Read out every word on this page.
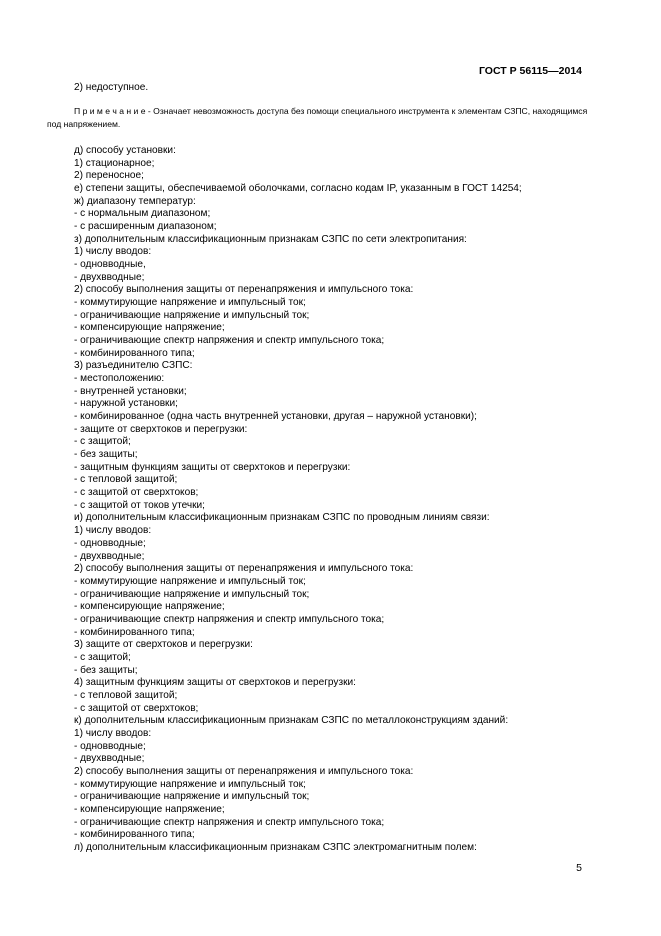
ГОСТ Р 56115—2014
2) недоступное.
П р и м е ч а н и е - Означает невозможность доступа без помощи специального инструмента к элементам СЗПС, находящимся под напряжением.
д) способу установки:
1) стационарное;
2) переносное;
е) степени защиты, обеспечиваемой оболочками, согласно кодам IP, указанным в ГОСТ 14254;
ж) диапазону температур:
- с нормальным диапазоном;
- с расширенным диапазоном;
з) дополнительным классификационным признакам СЗПС по сети электропитания:
1) числу вводов:
- одновводные,
- двухвводные;
2) способу выполнения защиты от перенапряжения и импульсного тока:
- коммутирующие напряжение и импульсный ток;
- ограничивающие напряжение и импульсный ток;
- компенсирующие напряжение;
- ограничивающие спектр напряжения и спектр импульсного тока;
- комбинированного типа;
3) разъединителю СЗПС:
- местоположению:
- внутренней установки;
- наружной установки;
- комбинированное (одна часть внутренней установки, другая – наружной установки);
- защите от сверхтоков и перегрузки:
- с защитой;
- без защиты;
- защитным функциям защиты от сверхтоков и перегрузки:
- с тепловой защитой;
- с защитой от сверхтоков;
- с защитой от токов утечки;
и) дополнительным классификационным признакам СЗПС по проводным линиям связи:
1) числу вводов:
- одновводные;
- двухвводные;
2) способу выполнения защиты от перенапряжения и импульсного тока:
- коммутирующие напряжение и импульсный ток;
- ограничивающие напряжение и импульсный ток;
- компенсирующие напряжение;
- ограничивающие спектр напряжения и спектр импульсного тока;
- комбинированного типа;
3) защите от сверхтоков и перегрузки:
- с защитой;
- без защиты;
4) защитным функциям защиты от сверхтоков и перегрузки:
- с тепловой защитой;
- с защитой от сверхтоков;
к) дополнительным классификационным признакам СЗПС по металлоконструкциям зданий:
1) числу вводов:
- одновводные;
- двухвводные;
2) способу выполнения защиты от перенапряжения и импульсного тока:
- коммутирующие напряжение и импульсный ток;
- ограничивающие напряжение и импульсный ток;
- компенсирующие напряжение;
- ограничивающие спектр напряжения и спектр импульсного тока;
- комбинированного типа;
л) дополнительным классификационным признакам СЗПС электромагнитным полем:
5
